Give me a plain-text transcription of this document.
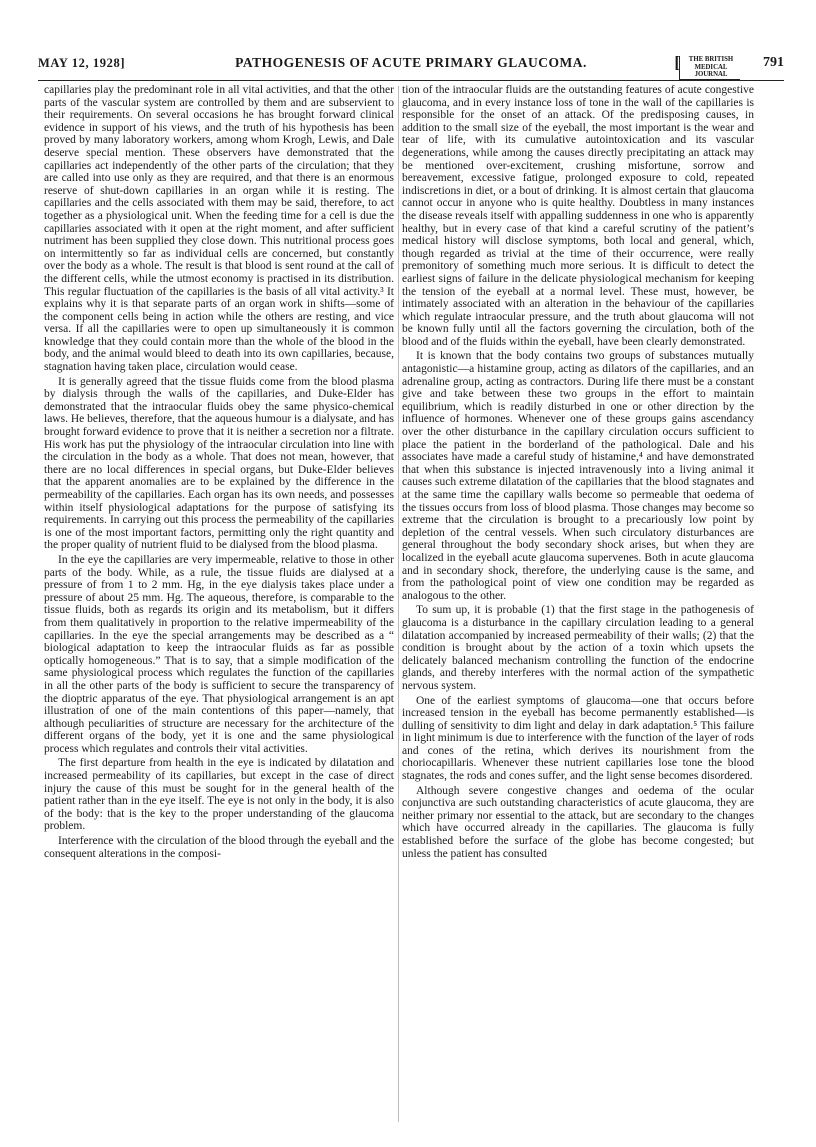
MAY 12, 1928]	PATHOGENESIS OF ACUTE PRIMARY GLAUCOMA.	THE BRITISH
MEDICAL JOURNAL
[	791

capillaries play the predominant role in all vital activities, and that the other parts of the vascular system are controlled by them and are subservient to their requirements. On several occasions he has brought forward clinical evidence in support of his views, and the truth of his hypothesis has been proved by many laboratory workers, among whom Krogh, Lewis, and Dale deserve special mention. These observers have demonstrated that the capillaries act independently of the other parts of the circulation; that they are called into use only as they are required, and that there is an enormous reserve of shut-down capillaries in an organ while it is resting. The capillaries and the cells associated with them may be said, therefore, to act together as a physiological unit. When the feeding time for a cell is due the capillaries associated with it open at the right moment, and after sufficient nutriment has been supplied they close down. This nutritional process goes on intermittently so far as individual cells are concerned, but constantly over the body as a whole. The result is that blood is sent round at the call of the different cells, while the utmost economy is practised in its distribution. This regular fluctuation of the capillaries is the basis of all vital activity.³ It explains why it is that separate parts of an organ work in shifts—some of the component cells being in action while the others are resting, and vice versa. If all the capillaries were to open up simultaneously it is common knowledge that they could contain more than the whole of the blood in the body, and the animal would bleed to death into its own capillaries, because, stagnation having taken place, circulation would cease.

It is generally agreed that the tissue fluids come from the blood plasma by dialysis through the walls of the capillaries, and Duke-Elder has demonstrated that the intraocular fluids obey the same physico-chemical laws. He believes, therefore, that the aqueous humour is a dialysate, and has brought forward evidence to prove that it is neither a secretion nor a filtrate. His work has put the physiology of the intraocular circulation into line with the circulation in the body as a whole. That does not mean, however, that there are no local differences in special organs, but Duke-Elder believes that the apparent anomalies are to be explained by the difference in the permeability of the capillaries. Each organ has its own needs, and possesses within itself physiological adaptations for the purpose of satisfying its requirements. In carrying out this process the permeability of the capillaries is one of the most important factors, permitting only the right quantity and the proper quality of nutrient fluid to be dialysed from the blood plasma.

In the eye the capillaries are very impermeable, relative to those in other parts of the body. While, as a rule, the tissue fluids are dialysed at a pressure of from 1 to 2 mm. Hg, in the eye dialysis takes place under a pressure of about 25 mm. Hg. The aqueous, therefore, is comparable to the tissue fluids, both as regards its origin and its metabolism, but it differs from them qualitatively in proportion to the relative impermeability of the capillaries. In the eye the special arrangements may be described as a “ biological adaptation to keep the intraocular fluids as far as possible optically homogeneous.” That is to say, that a simple modification of the same physiological process which regulates the function of the capillaries in all the other parts of the body is sufficient to secure the transparency of the dioptric apparatus of the eye. That physiological arrangement is an apt illustration of one of the main contentions of this paper—namely, that although peculiarities of structure are necessary for the architecture of the different organs of the body, yet it is one and the same physiological process which regulates and controls their vital activities.

The first departure from health in the eye is indicated by dilatation and increased permeability of its capillaries, but except in the case of direct injury the cause of this must be sought for in the general health of the patient rather than in the eye itself. The eye is not only in the body, it is also of the body: that is the key to the proper understanding of the glaucoma problem.

Interference with the circulation of the blood through the eyeball and the consequent alterations in the composi-

tion of the intraocular fluids are the outstanding features of acute congestive glaucoma, and in every instance loss of tone in the wall of the capillaries is responsible for the onset of an attack. Of the predisposing causes, in addition to the small size of the eyeball, the most important is the wear and tear of life, with its cumulative autointoxication and its vascular degenerations, while among the causes directly precipitating an attack may be mentioned over-excitement, crushing misfortune, sorrow and bereavement, excessive fatigue, prolonged exposure to cold, repeated indiscretions in diet, or a bout of drinking. It is almost certain that glaucoma cannot occur in anyone who is quite healthy. Doubtless in many instances the disease reveals itself with appalling suddenness in one who is apparently healthy, but in every case of that kind a careful scrutiny of the patient’s medical history will disclose symptoms, both local and general, which, though regarded as trivial at the time of their occurrence, were really premonitory of something much more serious. It is difficult to detect the earliest signs of failure in the delicate physiological mechanism for keeping the tension of the eyeball at a normal level. These must, however, be intimately associated with an alteration in the behaviour of the capillaries which regulate intraocular pressure, and the truth about glaucoma will not be known fully until all the factors governing the circulation, both of the blood and of the fluids within the eyeball, have been clearly demonstrated.

It is known that the body contains two groups of substances mutually antagonistic—a histamine group, acting as dilators of the capillaries, and an adrenaline group, acting as contractors. During life there must be a constant give and take between these two groups in the effort to maintain equilibrium, which is readily disturbed in one or other direction by the influence of hormones. Whenever one of these groups gains ascendancy over the other disturbance in the capillary circulation occurs sufficient to place the patient in the borderland of the pathological. Dale and his associates have made a careful study of histamine,⁴ and have demonstrated that when this substance is injected intravenously into a living animal it causes such extreme dilatation of the capillaries that the blood stagnates and at the same time the capillary walls become so permeable that oedema of the tissues occurs from loss of blood plasma. Those changes may become so extreme that the circulation is brought to a precariously low point by depletion of the central vessels. When such circulatory disturbances are general throughout the body secondary shock arises, but when they are localized in the eyeball acute glaucoma supervenes. Both in acute glaucoma and in secondary shock, therefore, the underlying cause is the same, and from the pathological point of view one condition may be regarded as analogous to the other.

To sum up, it is probable (1) that the first stage in the pathogenesis of glaucoma is a disturbance in the capillary circulation leading to a general dilatation accompanied by increased permeability of their walls; (2) that the condition is brought about by the action of a toxin which upsets the delicately balanced mechanism controlling the function of the endocrine glands, and thereby interferes with the normal action of the sympathetic nervous system.

One of the earliest symptoms of glaucoma—one that occurs before increased tension in the eyeball has become permanently established—is dulling of sensitivity to dim light and delay in dark adaptation.⁵ This failure in light minimum is due to interference with the function of the layer of rods and cones of the retina, which derives its nourishment from the choriocapillaris. Whenever these nutrient capillaries lose tone the blood stagnates, the rods and cones suffer, and the light sense becomes disordered.

Although severe congestive changes and oedema of the ocular conjunctiva are such outstanding characteristics of acute glaucoma, they are neither primary nor essential to the attack, but are secondary to the changes which have occurred already in the capillaries. The glaucoma is fully established before the surface of the globe has become congested; but unless the patient has consulted
